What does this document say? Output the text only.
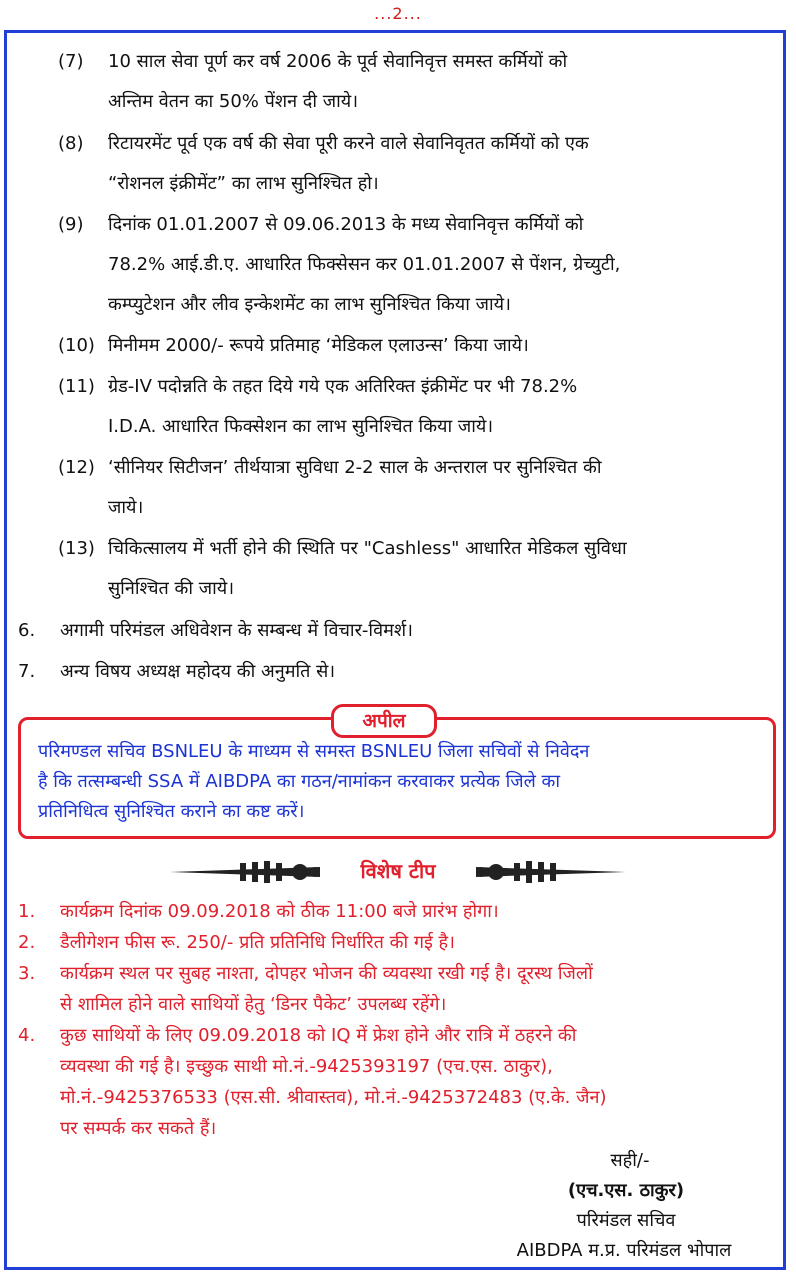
...2...
(7)	10 साल सेवा पूर्ण कर वर्ष 2006 के पूर्व सेवानिवृत्त समस्त कर्मियों को
अन्तिम वेतन का 50% पेंशन दी जाये।
(8)	रिटायरमेंट पूर्व एक वर्ष की सेवा पूरी करने वाले सेवानिवृतत कर्मियों को एक
“रोशनल इंक्रीमेंट” का लाभ सुनिश्चित हो।
(9)	दिनांक 01.01.2007 से 09.06.2013 के मध्य सेवानिवृत्त कर्मियों को
78.2% आई.डी.ए. आधारित फिक्सेसन कर 01.01.2007 से पेंशन, ग्रेच्युटी,
कम्प्युटेशन और लीव इन्केशमेंट का लाभ सुनिश्चित किया जाये।
(10) मिनीमम 2000/- रूपये प्रतिमाह ‘मेडिकल एलाउन्स’ किया जाये।
(11) ग्रेड-IV पदोन्नति के तहत दिये गये एक अतिरिक्त इंक्रीमेंट पर भी 78.2%
I.D.A. आधारित फिक्सेशन का लाभ सुनिश्चित किया जाये।
(12) ‘सीनियर सिटीजन’ तीर्थयात्रा सुविधा 2-2 साल के अन्तराल पर सुनिश्चित की
जाये।
(13) चिकित्सालय में भर्ती होने की स्थिति पर "Cashless" आधारित मेडिकल सुविधा
सुनिश्चित की जाये।
6. अगामी परिमंडल अधिवेशन के सम्बन्ध में विचार-विमर्श।
7. अन्य विषय अध्यक्ष महोदय की अनुमति से।
अपील
परिमण्डल सचिव BSNLEU के माध्यम से समस्त BSNLEU जिला सचिवों से निवेदन
है कि तत्सम्बन्धी SSA में AIBDPA का गठन/नामांकन करवाकर प्रत्येक जिले का
प्रतिनिधित्व सुनिश्चित कराने का कष्ट करें।
विशेष टीप
1. कार्यक्रम दिनांक 09.09.2018 को ठीक 11:00 बजे प्रारंभ होगा।
2. डैलीगेशन फीस रू. 250/- प्रति प्रतिनिधि निर्धारित की गई है।
3. कार्यक्रम स्थल पर सुबह नाश्ता, दोपहर भोजन की व्यवस्था रखी गई है। दूरस्थ जिलों
से शामिल होने वाले साथियों हेतु ‘डिनर पैकेट’ उपलब्ध रहेंगे।
4. कुछ साथियों के लिए 09.09.2018 को IQ में फ्रेश होने और रात्रि में ठहरने की
व्यवस्था की गई है। इच्छुक साथी मो.नं.-9425393197 (एच.एस. ठाकुर),
मो.नं.-9425376533 (एस.सी. श्रीवास्तव), मो.नं.-9425372483 (ए.के. जैन)
पर सम्पर्क कर सकते हैं।
सही/-
(एच.एस. ठाकुर)
परिमंडल सचिव
AIBDPA म.प्र. परिमंडल भोपाल
